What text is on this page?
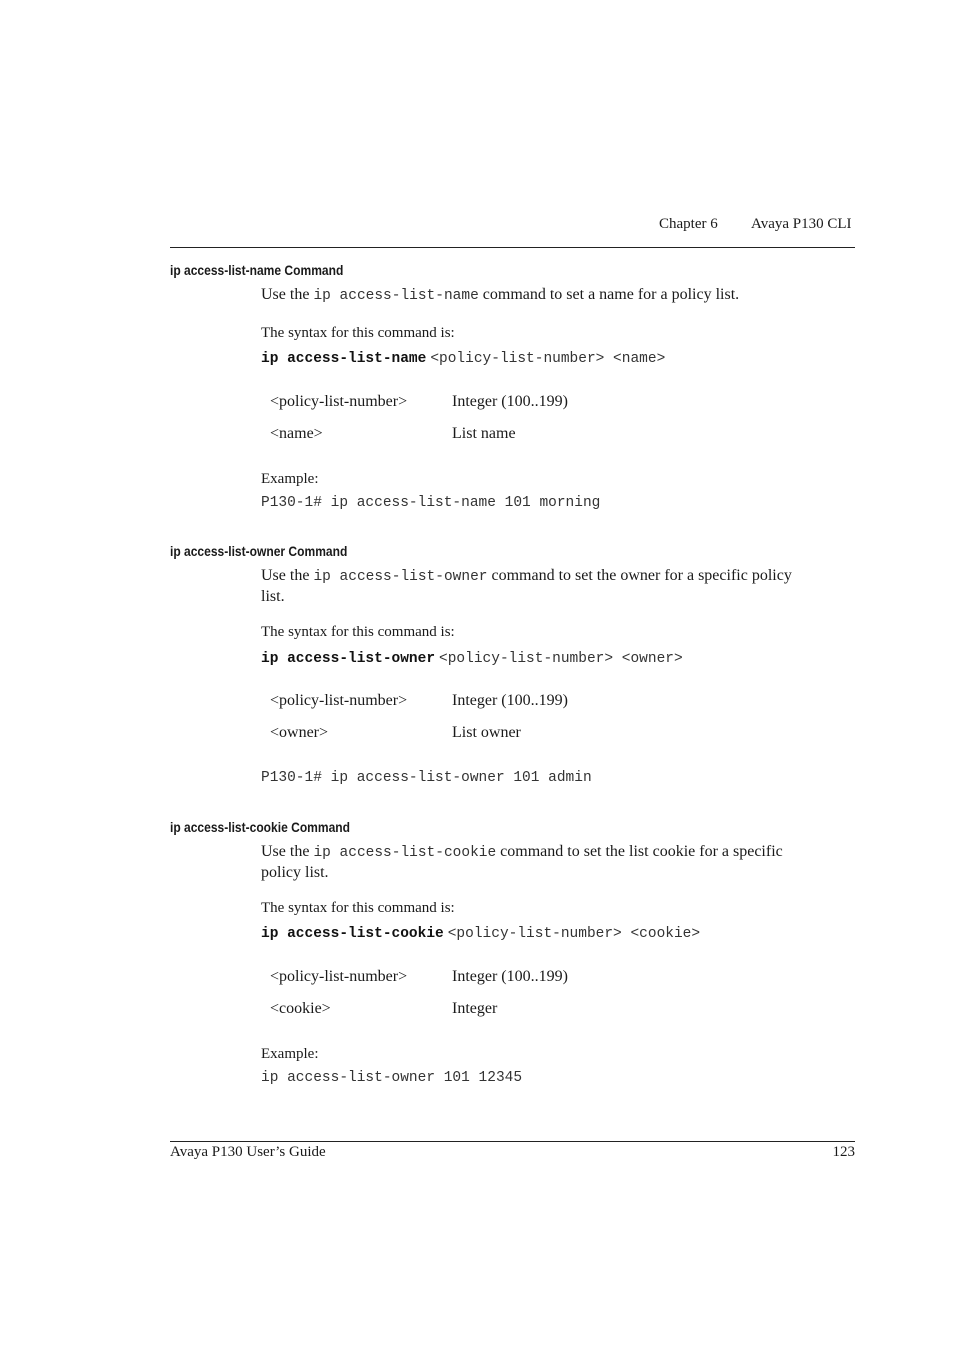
Chapter 6 Avaya P130 CLI
ip access-list-name Command
Use the ip access-list-name command to set a name for a policy list.
The syntax for this command is:
ip access-list-name <policy-list-number> <name>
<policy-list-number>	Integer (100..199)
<name>	List name
Example:
P130-1# ip access-list-name 101 morning
ip access-list-owner Command
Use the ip access-list-owner command to set the owner for a specific policy
list.
The syntax for this command is:
ip access-list-owner <policy-list-number> <owner>
<policy-list-number>	Integer (100..199)
<owner>	List owner
P130-1# ip access-list-owner 101 admin
ip access-list-cookie Command
Use the ip access-list-cookie command to set the list cookie for a specific
policy list.
The syntax for this command is:
ip access-list-cookie <policy-list-number> <cookie>
<policy-list-number>	Integer (100..199)
<cookie>	Integer
Example:
ip access-list-owner 101 12345
Avaya P130 User’s Guide	123
